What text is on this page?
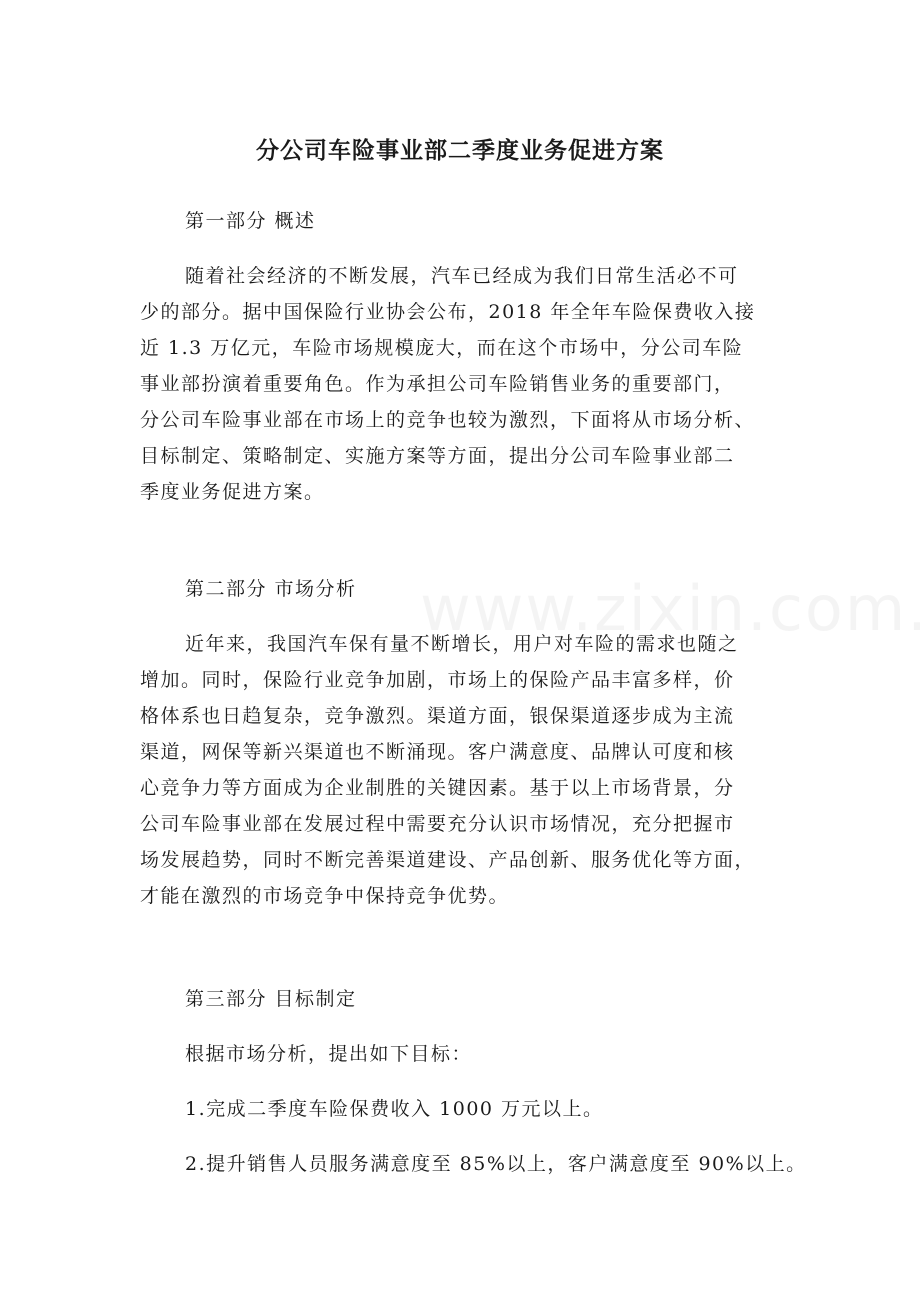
分公司车险事业部二季度业务促进方案
第一部分 概述
随着社会经济的不断发展，汽车已经成为我们日常生活必不可
少的部分。据中国保险行业协会公布，2018 年全年车险保费收入接
近 1.3 万亿元，车险市场规模庞大，而在这个市场中，分公司车险
事业部扮演着重要角色。作为承担公司车险销售业务的重要部门，
分公司车险事业部在市场上的竞争也较为激烈，下面将从市场分析、
目标制定、策略制定、实施方案等方面，提出分公司车险事业部二
季度业务促进方案。
第二部分 市场分析
近年来，我国汽车保有量不断增长，用户对车险的需求也随之
增加。同时，保险行业竞争加剧，市场上的保险产品丰富多样，价
格体系也日趋复杂，竞争激烈。渠道方面，银保渠道逐步成为主流
渠道，网保等新兴渠道也不断涌现。客户满意度、品牌认可度和核
心竞争力等方面成为企业制胜的关键因素。基于以上市场背景，分
公司车险事业部在发展过程中需要充分认识市场情况，充分把握市
场发展趋势，同时不断完善渠道建设、产品创新、服务优化等方面，
才能在激烈的市场竞争中保持竞争优势。
第三部分 目标制定
根据市场分析，提出如下目标：
1.完成二季度车险保费收入 1000 万元以上。
2.提升销售人员服务满意度至 85%以上，客户满意度至 90%以上。
